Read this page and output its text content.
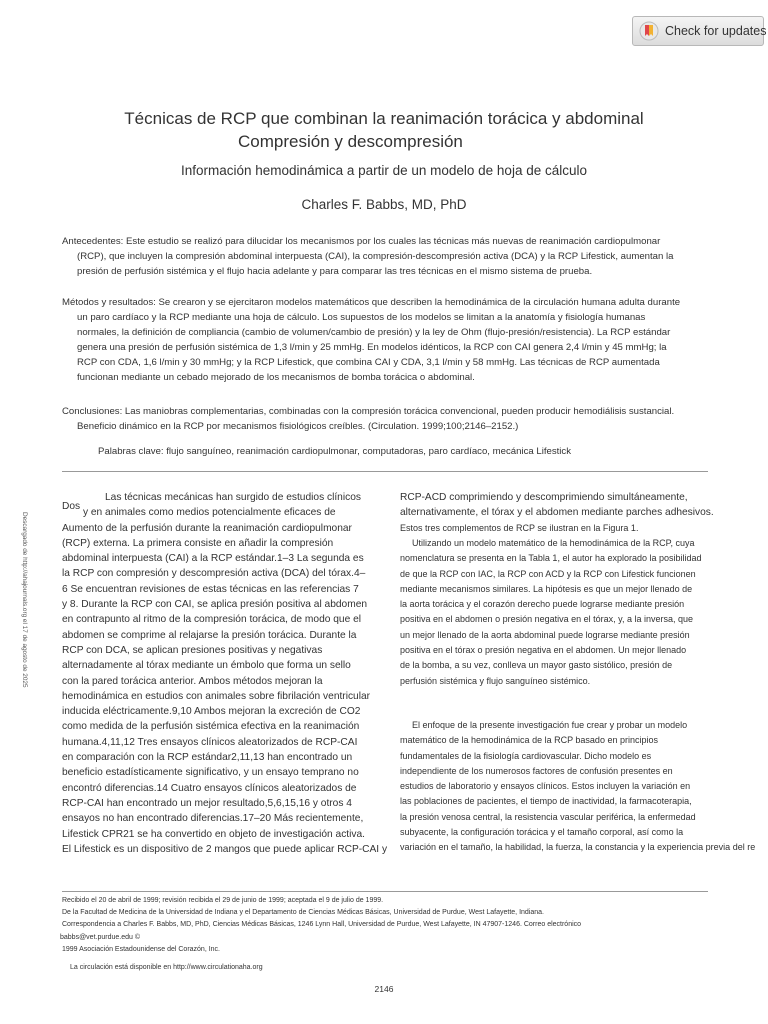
Check for updates
Técnicas de RCP que combinan la reanimación torácica y abdominal
Compresión y descompresión
Información hemodinámica a partir de un modelo de hoja de cálculo
Charles F. Babbs, MD, PhD
Antecedentes: Este estudio se realizó para dilucidar los mecanismos por los cuales las técnicas más nuevas de reanimación cardiopulmonar
(RCP), que incluyen la compresión abdominal interpuesta (CAI), la compresión-descompresión activa (DCA) y la RCP Lifestick, aumentan la
presión de perfusión sistémica y el flujo hacia adelante y para comparar las tres técnicas en el mismo sistema de prueba.
Métodos y resultados: Se crearon y se ejercitaron modelos matemáticos que describen la hemodinámica de la circulación humana adulta durante
un paro cardíaco y la RCP mediante una hoja de cálculo. Los supuestos de los modelos se limitan a la anatomía y fisiología humanas
normales, la definición de compliancia (cambio de volumen/cambio de presión) y la ley de Ohm (flujo-presión/resistencia). La RCP estándar
genera una presión de perfusión sistémica de 1,3 l/min y 25 mmHg. En modelos idénticos, la RCP con CAI genera 2,4 l/min y 45 mmHg; la
RCP con CDA, 1,6 l/min y 30 mmHg; y la RCP Lifestick, que combina CAI y CDA, 3,1 l/min y 58 mmHg. Las técnicas de RCP aumentada
funcionan mediante un cebado mejorado de los mecanismos de bomba torácica o abdominal.
Conclusiones: Las maniobras complementarias, combinadas con la compresión torácica convencional, pueden producir hemodiálisis sustancial.
Beneficio dinámico en la RCP por mecanismos fisiológicos creíbles. (Circulation. 1999;100;2146–2152.)
Palabras clave: flujo sanguíneo, reanimación cardiopulmonar, computadoras, paro cardíaco, mecánica Lifestick
Descargado de http://ahajournals.org el 17 de agosto de 2025
Las técnicas mecánicas han surgido de estudios clínicos
Dos y en animales como medios potencialmente eficaces de
Aumento de la perfusión durante la reanimación cardiopulmonar
(RCP) externa. La primera consiste en añadir la compresión
abdominal interpuesta (CAI) a la RCP estándar.1–3 La segunda es
la RCP con compresión y descompresión activa (DCA) del tórax.4–
6 Se encuentran revisiones de estas técnicas en las referencias 7
y 8. Durante la RCP con CAI, se aplica presión positiva al abdomen
en contrapunto al ritmo de la compresión torácica, de modo que el
abdomen se comprime al relajarse la presión torácica. Durante la
RCP con DCA, se aplican presiones positivas y negativas
alternadamente al tórax mediante un émbolo que forma un sello
con la pared torácica anterior. Ambos métodos mejoran la
hemodinámica en estudios con animales sobre fibrilación ventricular
inducida eléctricamente.9,10 Ambos mejoran la excreción de CO2
como medida de la perfusión sistémica efectiva en la reanimación
humana.4,11,12 Tres ensayos clínicos aleatorizados de RCP-CAI
en comparación con la RCP estándar2,11,13 han encontrado un
beneficio estadísticamente significativo, y un ensayo temprano no
encontró diferencias.14 Cuatro ensayos clínicos aleatorizados de
RCP-CAI han encontrado un mejor resultado,5,6,15,16 y otros 4
ensayos no han encontrado diferencias.17–20 Más recientemente,
Lifestick CPR21 se ha convertido en objeto de investigación activa.
El Lifestick es un dispositivo de 2 mangos que puede aplicar RCP-CAI y
RCP-ACD comprimiendo y descomprimiendo simultáneamente,
alternativamente, el tórax y el abdomen mediante parches adhesivos.
Estos tres complementos de RCP se ilustran en la Figura 1.
Utilizando un modelo matemático de la hemodinámica de la RCP, cuya
nomenclatura se presenta en la Tabla 1, el autor ha explorado la posibilidad
de que la RCP con IAC, la RCP con ACD y la RCP con Lifestick funcionen
mediante mecanismos similares. La hipótesis es que un mejor llenado de
la aorta torácica y el corazón derecho puede lograrse mediante presión
positiva en el abdomen o presión negativa en el tórax, y, a la inversa, que
un mejor llenado de la aorta abdominal puede lograrse mediante presión
positiva en el tórax o presión negativa en el abdomen. Un mejor llenado
de la bomba, a su vez, conlleva un mayor gasto sistólico, presión de
perfusión sistémica y flujo sanguíneo sistémico.
El enfoque de la presente investigación fue crear y probar un modelo
matemático de la hemodinámica de la RCP basado en principios
fundamentales de la fisiología cardiovascular. Dicho modelo es
independiente de los numerosos factores de confusión presentes en
estudios de laboratorio y ensayos clínicos. Estos incluyen la variación en
las poblaciones de pacientes, el tiempo de inactividad, la farmacoterapia,
la presión venosa central, la resistencia vascular periférica, la enfermedad
subyacente, la configuración torácica y el tamaño corporal, así como la
variación en el tamaño, la habilidad, la fuerza, la constancia y la experiencia previa del re
Recibido el 20 de abril de 1999; revisión recibida el 29 de junio de 1999; aceptada el 9 de julio de 1999.
De la Facultad de Medicina de la Universidad de Indiana y el Departamento de Ciencias Médicas Básicas, Universidad de Purdue, West Lafayette, Indiana.
Correspondencia a Charles F. Babbs, MD, PhD, Ciencias Médicas Básicas, 1246 Lynn Hall, Universidad de Purdue, West Lafayette, IN 47907-1246. Correo electrónico
babbs@vet.purdue.edu ©
1999 Asociación Estadounidense del Corazón, Inc.
La circulación está disponible en http://www.circulationaha.org
2146
